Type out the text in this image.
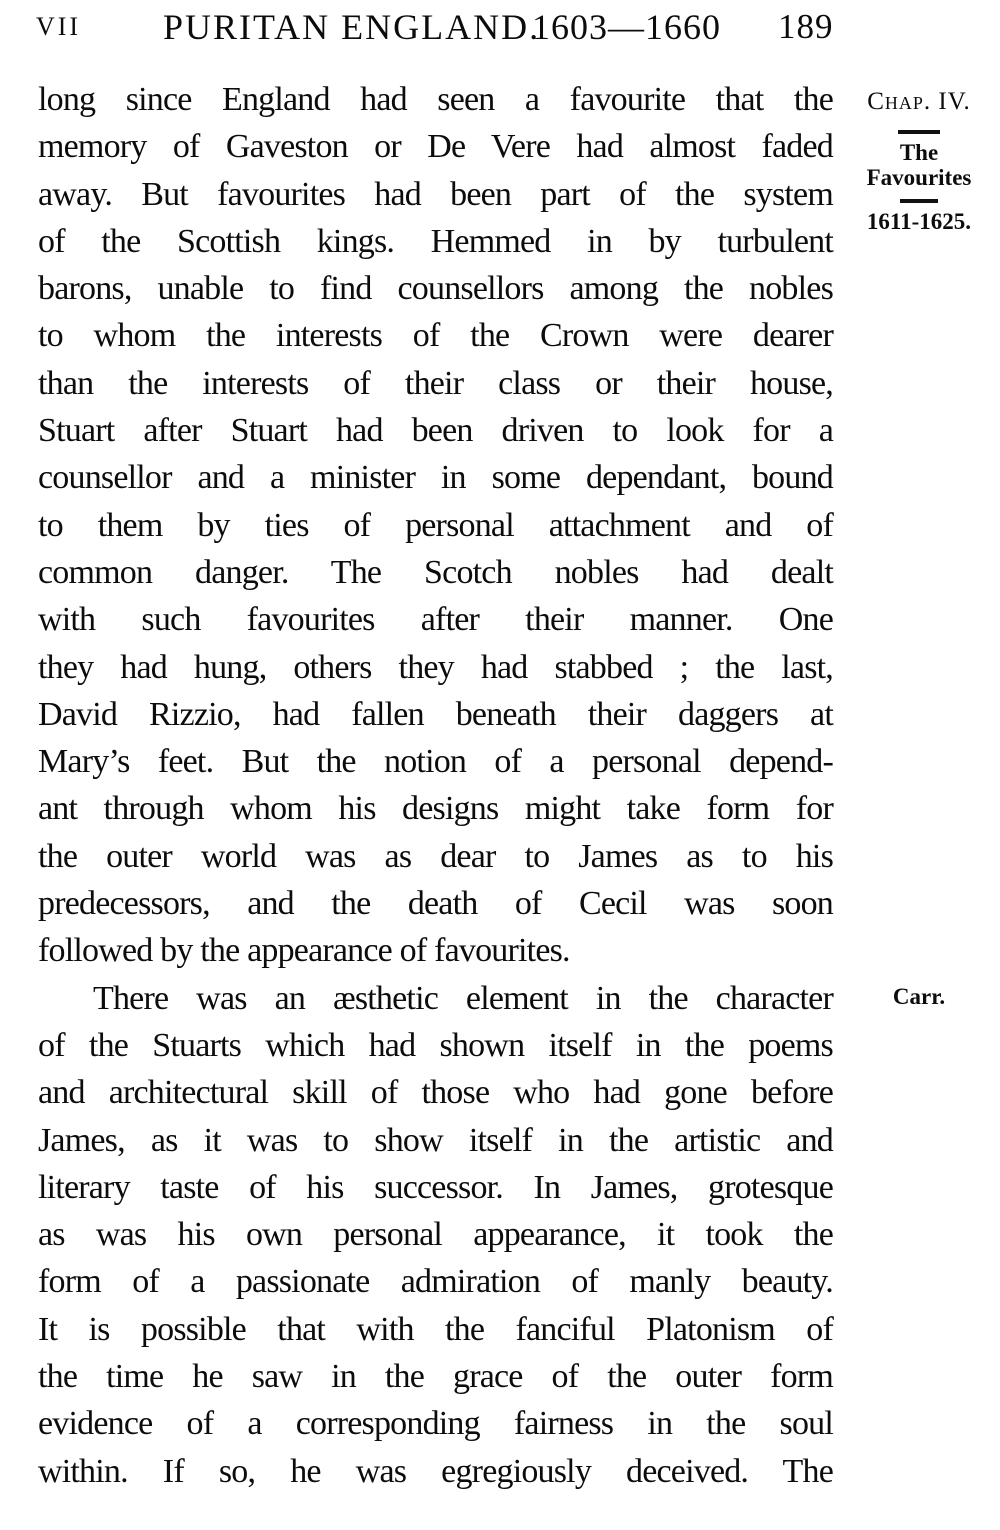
VII PURITAN ENGLAND.
1603—1660 189
long since England had seen a favourite that the
memory of Gaveston or De Vere had almost faded
away. But favourites had been part of the system
of the Scottish kings. Hemmed in by turbulent
barons, unable to find counsellors among the nobles
to whom the interests of the Crown were dearer
than the interests of their class or their house,
Stuart after Stuart had been driven to look for a
counsellor and a minister in some dependant, bound
to them by ties of personal attachment and of
common danger. The Scotch nobles had dealt
with such favourites after their manner. One
they had hung, others they had stabbed ; the last,
David Rizzio, had fallen beneath their daggers at
Mary’s feet. But the notion of a personal depend-
ant through whom his designs might take form for
the outer world was as dear to James as to his
predecessors, and the death of Cecil was soon
followed by the appearance of favourites.
There was an æsthetic element in the character
of the Stuarts which had shown itself in the poems
and architectural skill of those who had gone before
James, as it was to show itself in the artistic and
literary taste of his successor. In James, grotesque
as was his own personal appearance, it took the
form of a passionate admiration of manly beauty.
It is possible that with the fanciful Platonism of
the time he saw in the grace of the outer form
evidence of a corresponding fairness in the soul
within. If so, he was egregiously deceived. The
Chap. IV.
The
Favourites
1611-1625.
Carr.
